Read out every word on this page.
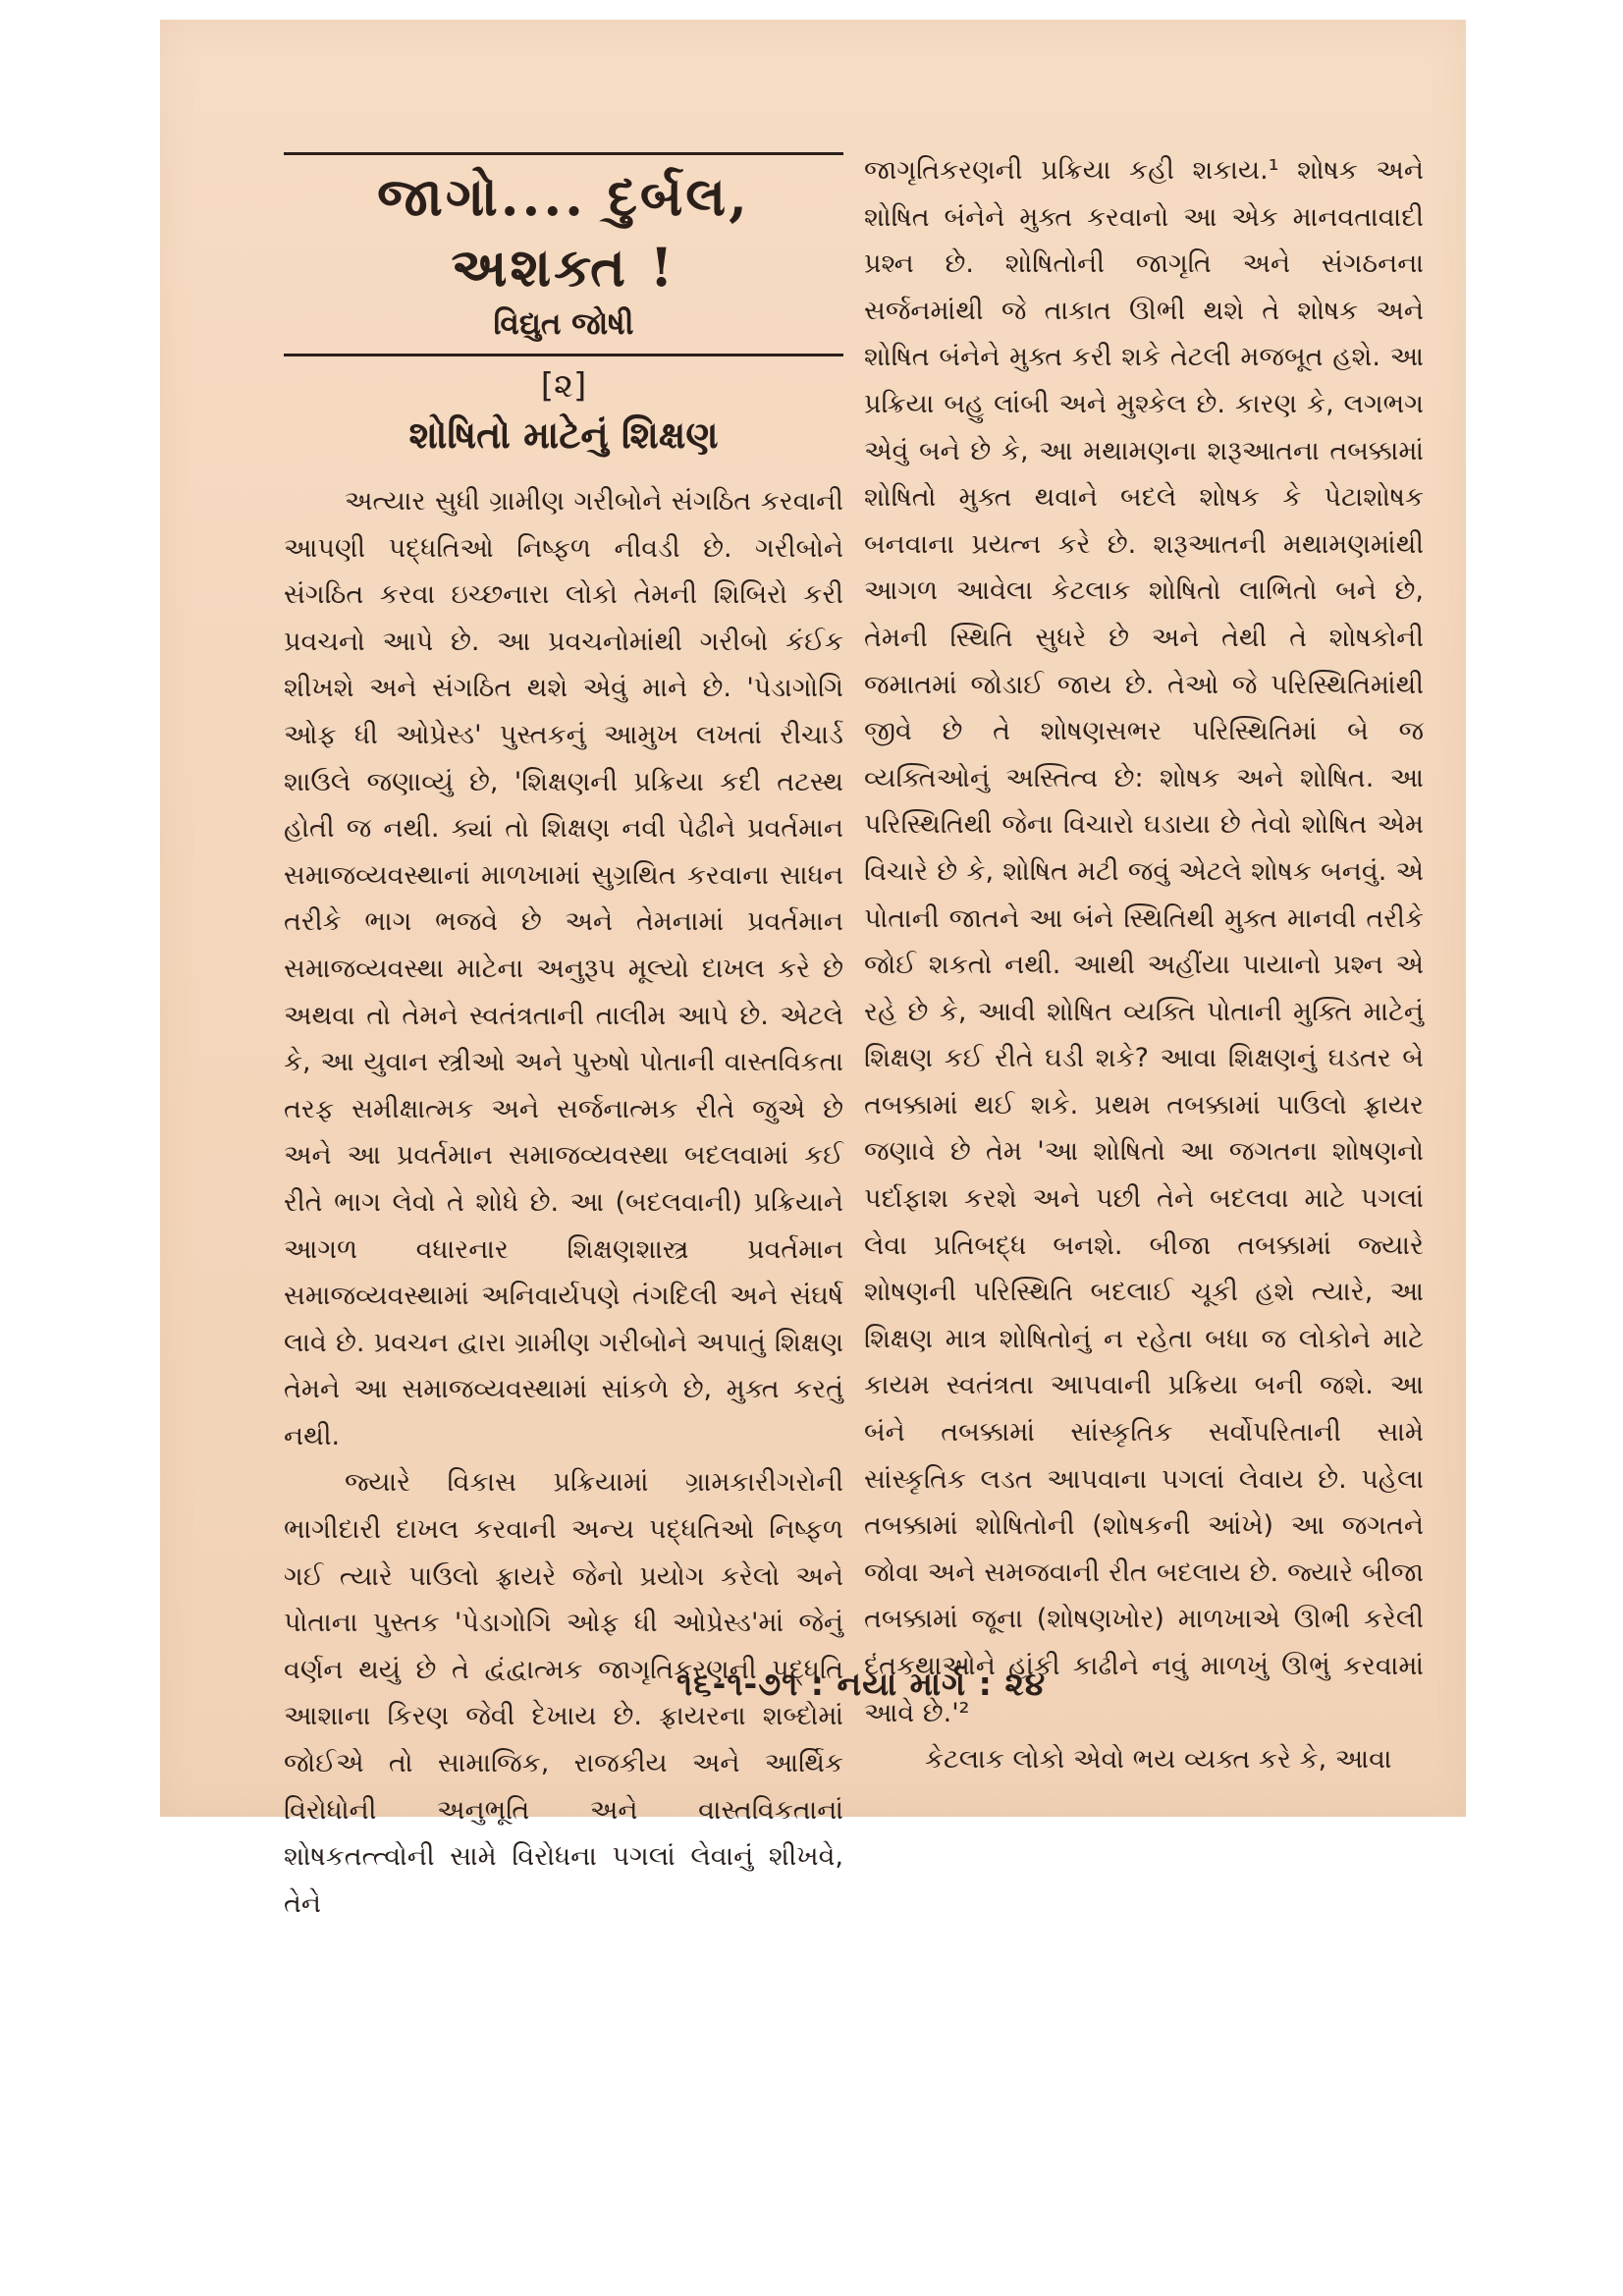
જાગો.... દુર્બલ, અશક્ત !
વિદ્યુત જોષી
[૨]
શોષિતો માટેનું શિક્ષણ

અત્યાર સુધી ગ્રામીણ ગરીબોને સંગઠિત કરવાની આપણી પદ્ધતિઓ નિષ્ફળ નીવડી છે. ગરીબોને સંગઠિત કરવા ઇચ્છનારા લોકો તેમની શિબિરો કરી પ્રવચનો આપે છે. આ પ્રવચનોમાંથી ગરીબો કંઈક શીખશે અને સંગઠિત થશે એવું માને છે. 'પેડાગોગિ ઓફ ધી ઓપ્રેસ્ડ' પુસ્તકનું આમુખ લખતાં રીચાર્ડ શાઉલે જણાવ્યું છે, 'શિક્ષણની પ્રક્રિયા કદી તટસ્થ હોતી જ નથી. ક્યાં તો શિક્ષણ નવી પેઢીને પ્રવર્તમાન સમાજવ્યવસ્થાનાં માળખામાં સુગ્રથિત કરવાના સાધન તરીકે ભાગ ભજવે છે અને તેમનામાં પ્રવર્તમાન સમાજવ્યવસ્થા માટેના અનુરૂપ મૂલ્યો દાખલ કરે છે અથવા તો તેમને સ્વતંત્રતાની તાલીમ આપે છે. એટલે કે, આ યુવાન સ્ત્રીઓ અને પુરુષો પોતાની વાસ્તવિકતા તરફ સમીક્ષાત્મક અને સર્જનાત્મક રીતે જુએ છે અને આ પ્રવર્તમાન સમાજવ્યવસ્થા બદલવામાં કઈ રીતે ભાગ લેવો તે શોધે છે. આ (બદલવાની) પ્રક્રિયાને આગળ વધારનાર શિક્ષણશાસ્ત્ર પ્રવર્તમાન સમાજવ્યવસ્થામાં અનિવાર્યપણે તંગદિલી અને સંઘર્ષ લાવે છે. પ્રવચન દ્વારા ગ્રામીણ ગરીબોને અપાતું શિક્ષણ તેમને આ સમાજવ્યવસ્થામાં સાંકળે છે, મુક્ત કરતું નથી.

જ્યારે વિકાસ પ્રક્રિયામાં ગ્રામકારીગરોની ભાગીદારી દાખલ કરવાની અન્ય પદ્ધતિઓ નિષ્ફળ ગઈ ત્યારે પાઉલો ફ્રાયરે જેનો પ્રયોગ કરેલો અને પોતાના પુસ્તક 'પેડાગોગિ ઓફ ધી ઓપ્રેસ્ડ'માં જેનું વર્ણન થયું છે તે દ્વંદ્વાત્મક જાગૃતિકરણની પદ્ધતિ આશાના કિરણ જેવી દેખાય છે. ફ્રાયરના શબ્દોમાં જોઈએ તો સામાજિક, રાજકીય અને આર્થિક વિરોધોની અનુભૂતિ અને વાસ્તવિકતાનાં શોષકતત્ત્વોની સામે વિરોધના પગલાં લેવાનું શીખવે, તેને

જાગૃતિકરણની પ્રક્રિયા કહી શકાય.¹ શોષક અને શોષિત બંનેને મુક્ત કરવાનો આ એક માનવતાવાદી પ્રશ્ન છે. શોષિતોની જાગૃતિ અને સંગઠનના સર્જનમાંથી જે તાકાત ઊભી થશે તે શોષક અને શોષિત બંનેને મુક્ત કરી શકે તેટલી મજબૂત હશે. આ પ્રક્રિયા બહુ લાંબી અને મુશ્કેલ છે. કારણ કે, લગભગ એવું બને છે કે, આ મથામણના શરૂઆતના તબક્કામાં શોષિતો મુક્ત થવાને બદલે શોષક કે પેટાશોષક બનવાના પ્રયત્ન કરે છે. શરૂઆતની મથામણમાંથી આગળ આવેલા કેટલાક શોષિતો લાભિતો બને છે, તેમની સ્થિતિ સુધરે છે અને તેથી તે શોષકોની જમાતમાં જોડાઈ જાય છે. તેઓ જે પરિસ્થિતિમાંથી જીવે છે તે શોષણસભર પરિસ્થિતિમાં બે જ વ્યક્તિઓનું અસ્તિત્વ છે: શોષક અને શોષિત. આ પરિસ્થિતિથી જેના વિચારો ઘડાયા છે તેવો શોષિત એમ વિચારે છે કે, શોષિત મટી જવું એટલે શોષક બનવું. એ પોતાની જાતને આ બંને સ્થિતિથી મુક્ત માનવી તરીકે જોઈ શકતો નથી. આથી અહીંયા પાયાનો પ્રશ્ન એ રહે છે કે, આવી શોષિત વ્યક્તિ પોતાની મુક્તિ માટેનું શિક્ષણ કઈ રીતે ઘડી શકે? આવા શિક્ષણનું ઘડતર બે તબક્કામાં થઈ શકે. પ્રથમ તબક્કામાં પાઉલો ફ્રાયર જણાવે છે તેમ 'આ શોષિતો આ જગતના શોષણનો પર્દાફાશ કરશે અને પછી તેને બદલવા માટે પગલાં લેવા પ્રતિબદ્ધ બનશે. બીજા તબક્કામાં જ્યારે શોષણની પરિસ્થિતિ બદલાઈ ચૂકી હશે ત્યારે, આ શિક્ષણ માત્ર શોષિતોનું ન રહેતા બધા જ લોકોને માટે કાયમ સ્વતંત્રતા આપવાની પ્રક્રિયા બની જશે. આ બંને તબક્કામાં સાંસ્કૃતિક સર્વોપરિતાની સામે સાંસ્કૃતિક લડત આપવાના પગલાં લેવાય છે. પહેલા તબક્કામાં શોષિતોની (શોષકની આંખે) આ જગતને જોવા અને સમજવાની રીત બદલાય છે. જ્યારે બીજા તબક્કામાં જૂના (શોષણખોર) માળખાએ ઊભી કરેલી દંતકથાઓને હાંકી કાઢીને નવું માળખું ઊભું કરવામાં આવે છે.'²

કેટલાક લોકો એવો ભય વ્યક્ત કરે કે, આવા

૧૬-૧-૭૧ : નયા માર્ગ : ૨૪
